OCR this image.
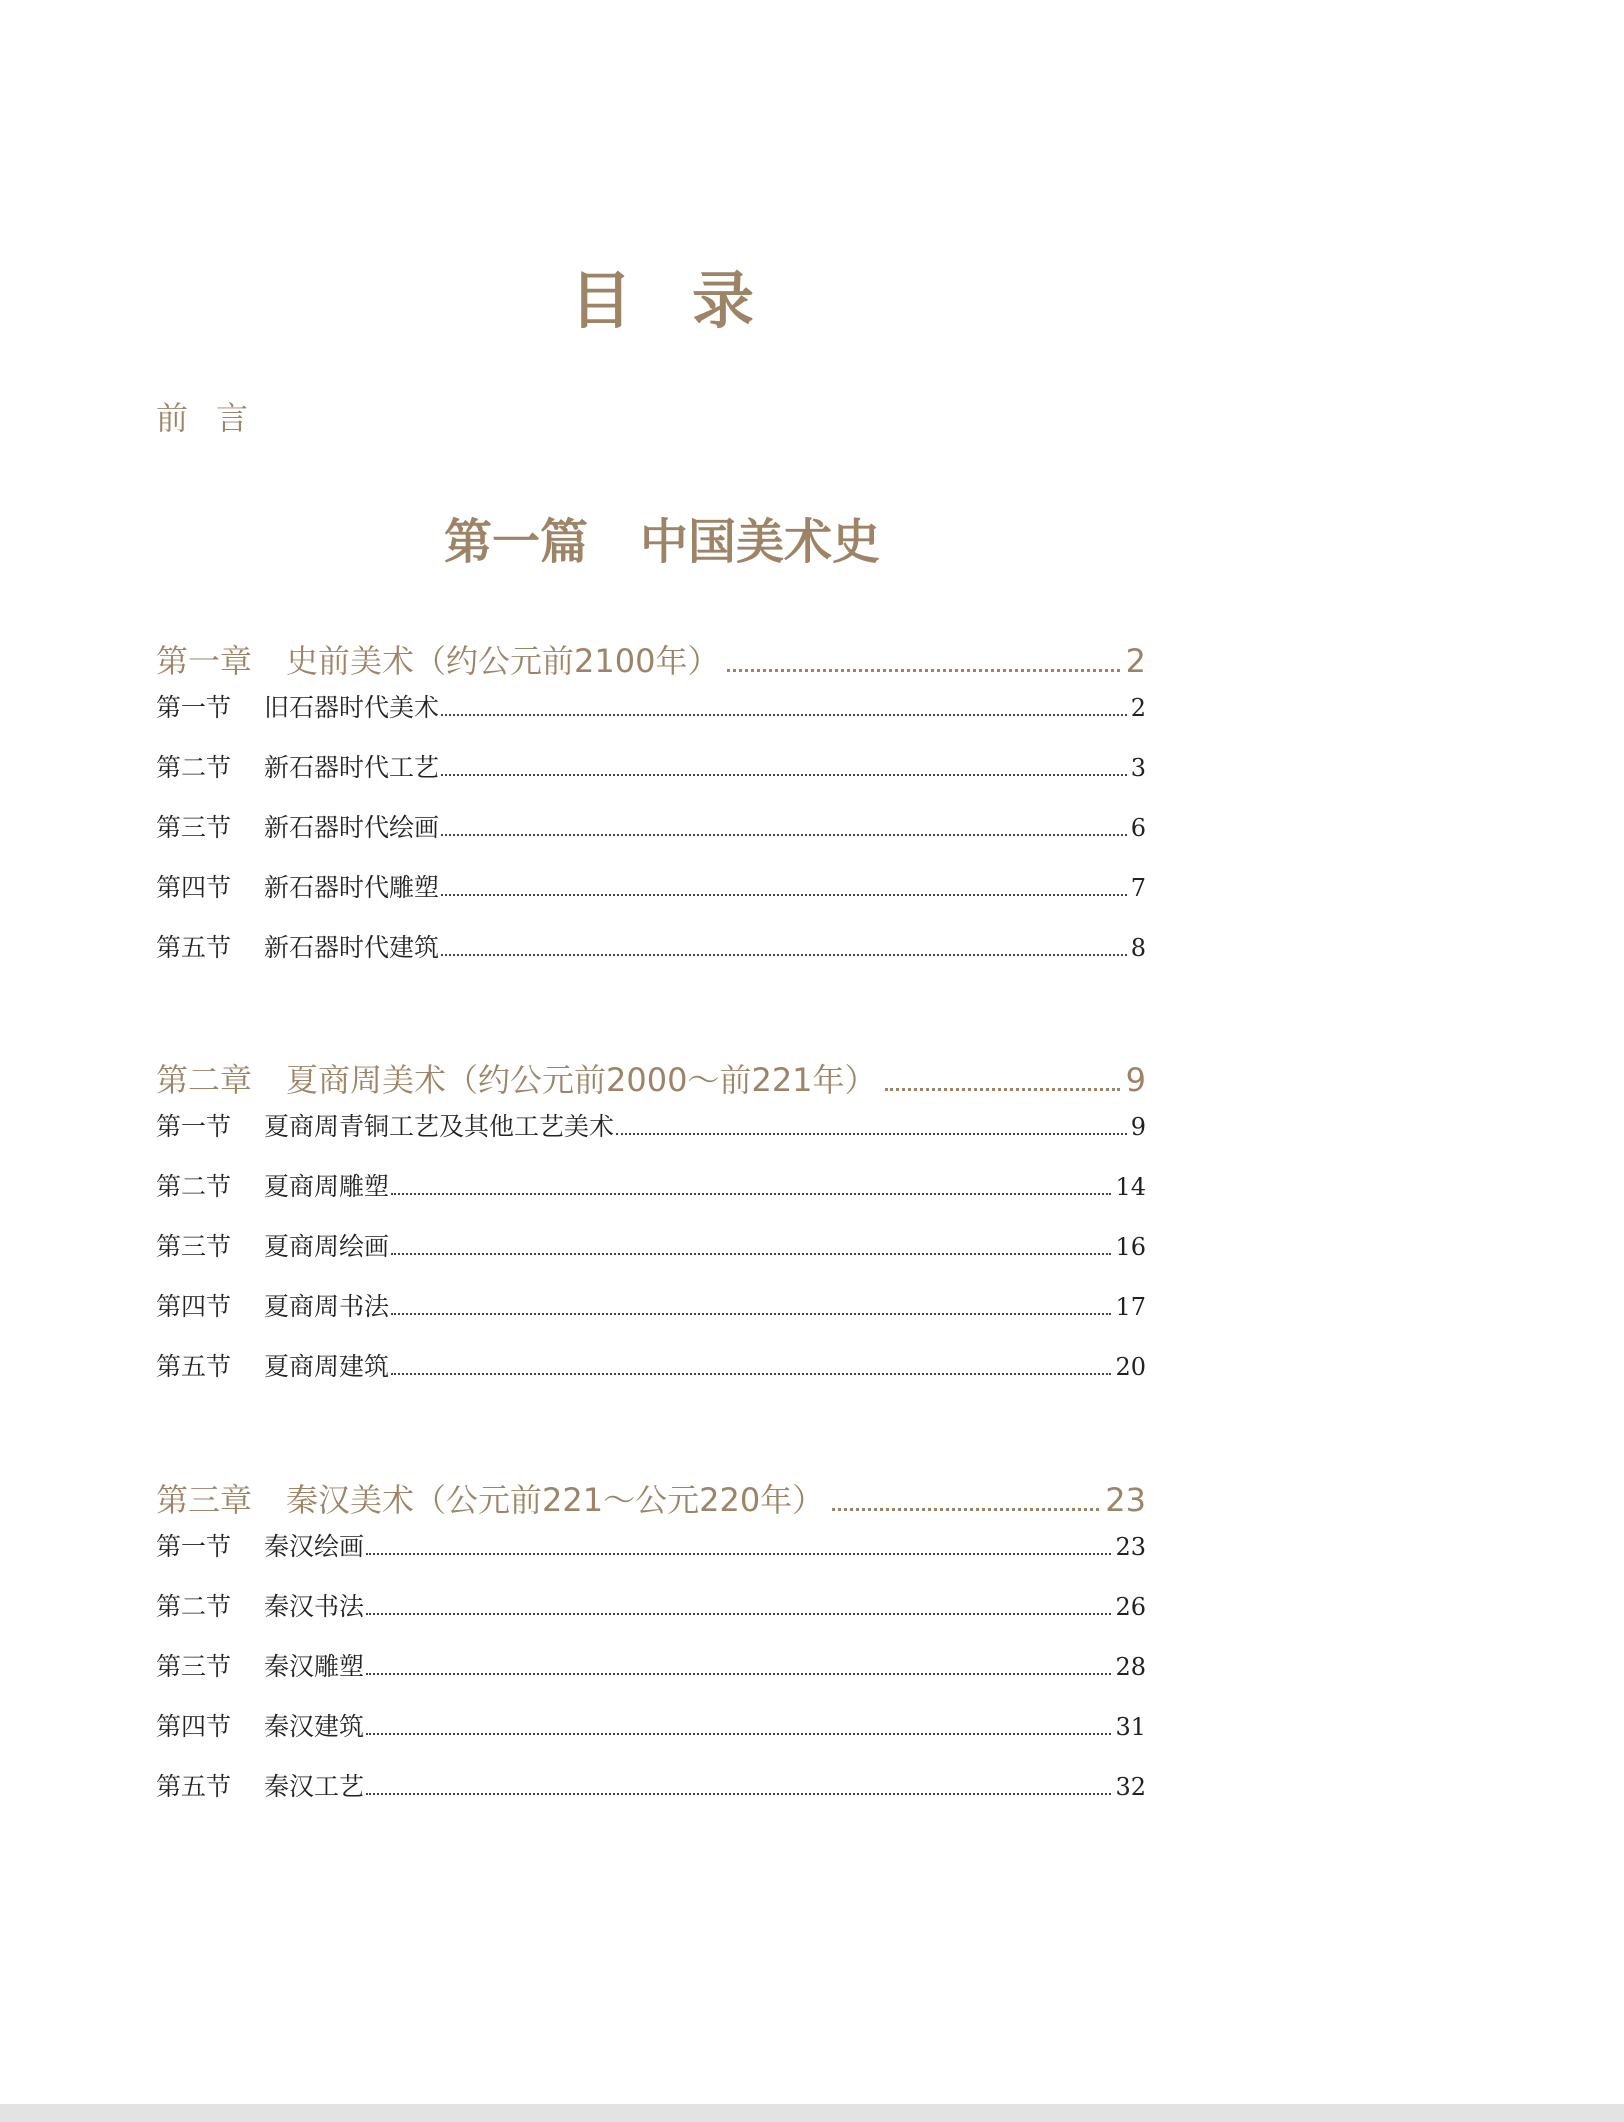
目录
前言
第一篇 中国美术史
第一章 史前美术（约公元前2100年）	2
第一节	旧石器时代美术	2
第二节	新石器时代工艺	3
第三节	新石器时代绘画	6
第四节	新石器时代雕塑	7
第五节	新石器时代建筑	8
第二章 夏商周美术（约公元前2000～前221年）	9
第一节	夏商周青铜工艺及其他工艺美术	9
第二节	夏商周雕塑	14
第三节	夏商周绘画	16
第四节	夏商周书法	17
第五节	夏商周建筑	20
第三章 秦汉美术（公元前221～公元220年）	23
第一节	秦汉绘画	23
第二节	秦汉书法	26
第三节	秦汉雕塑	28
第四节	秦汉建筑	31
第五节	秦汉工艺	32
